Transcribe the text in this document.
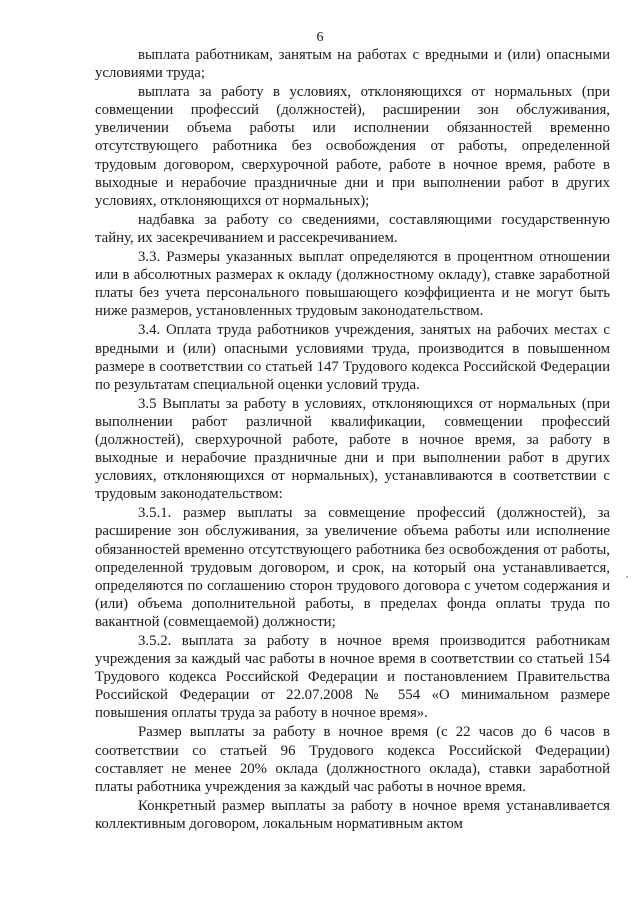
6

выплата работникам, занятым на работах с вредными и (или) опасными условиями труда;

выплата за работу в условиях, отклоняющихся от нормальных (при совмещении профессий (должностей), расширении зон обслуживания, увеличении объема работы или исполнении обязанностей временно отсутствующего работника без освобождения от работы, определенной трудовым договором, сверхурочной работе, работе в ночное время, работе в выходные и нерабочие праздничные дни и при выполнении работ в других условиях, отклоняющихся от нормальных);

надбавка за работу со сведениями, составляющими государственную тайну, их засекречиванием и рассекречиванием.

3.3. Размеры указанных выплат определяются в процентном отношении или в абсолютных размерах к окладу (должностному окладу), ставке заработной платы без учета персонального повышающего коэффициента и не могут быть ниже размеров, установленных трудовым законодательством.

3.4. Оплата труда работников учреждения, занятых на рабочих местах с вредными и (или) опасными условиями труда, производится в повышенном размере в соответствии со статьей 147 Трудового кодекса Российской Федерации по результатам специальной оценки условий труда.

3.5 Выплаты за работу в условиях, отклоняющихся от нормальных (при выполнении работ различной квалификации, совмещении профессий (должностей), сверхурочной работе, работе в ночное время, за работу в выходные и нерабочие праздничные дни и при выполнении работ в других условиях, отклоняющихся от нормальных), устанавливаются в соответствии с трудовым законодательством:

3.5.1. размер выплаты за совмещение профессий (должностей), за расширение зон обслуживания, за увеличение объема работы или исполнение обязанностей временно отсутствующего работника без освобождения от работы, определенной трудовым договором, и срок, на который она устанавливается, определяются по соглашению сторон трудового договора с учетом содержания и (или) объема дополнительной работы, в пределах фонда оплаты труда по вакантной (совмещаемой) должности;

3.5.2. выплата за работу в ночное время производится работникам учреждения за каждый час работы в ночное время в соответствии со статьей 154 Трудового кодекса Российской Федерации и постановлением Правительства Российской Федерации от 22.07.2008 № 554 «О минимальном размере повышения оплаты труда за работу в ночное время».

Размер выплаты за работу в ночное время (с 22 часов до 6 часов в соответствии со статьей 96 Трудового кодекса Российской Федерации) составляет не менее 20% оклада (должностного оклада), ставки заработной платы работника учреждения за каждый час работы в ночное время.

Конкретный размер выплаты за работу в ночное время устанавливается коллективным договором, локальным нормативным актом
